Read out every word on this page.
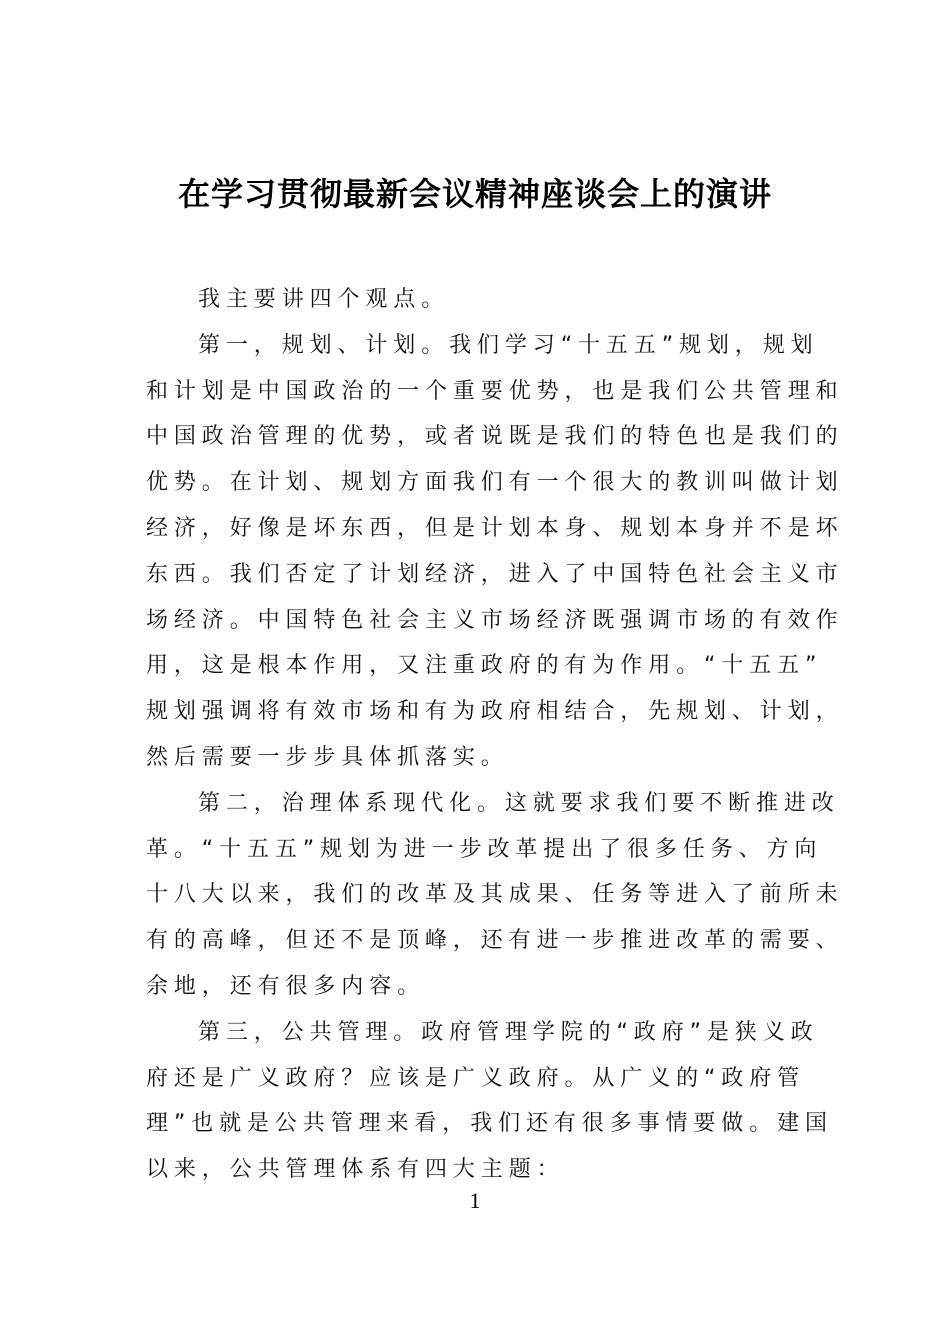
在学习贯彻最新会议精神座谈会上的演讲
我主要讲四个观点。
第一，规划、计划。我们学习“十五五”规划，规划
和计划是中国政治的一个重要优势，也是我们公共管理和
中国政治管理的优势，或者说既是我们的特色也是我们的
优势。在计划、规划方面我们有一个很大的教训叫做计划
经济，好像是坏东西，但是计划本身、规划本身并不是坏
东西。我们否定了计划经济，进入了中国特色社会主义市
场经济。中国特色社会主义市场经济既强调市场的有效作
用，这是根本作用，又注重政府的有为作用。“十五五”
规划强调将有效市场和有为政府相结合，先规划、计划，
然后需要一步步具体抓落实。
第二，治理体系现代化。这就要求我们要不断推进改
革。“十五五”规划为进一步改革提出了很多任务、方向
十八大以来，我们的改革及其成果、任务等进入了前所未
有的高峰，但还不是顶峰，还有进一步推进改革的需要、
余地，还有很多内容。
第三，公共管理。政府管理学院的“政府”是狭义政
府还是广义政府？应该是广义政府。从广义的“政府管
理”也就是公共管理来看，我们还有很多事情要做。建国
以来，公共管理体系有四大主题：
1
